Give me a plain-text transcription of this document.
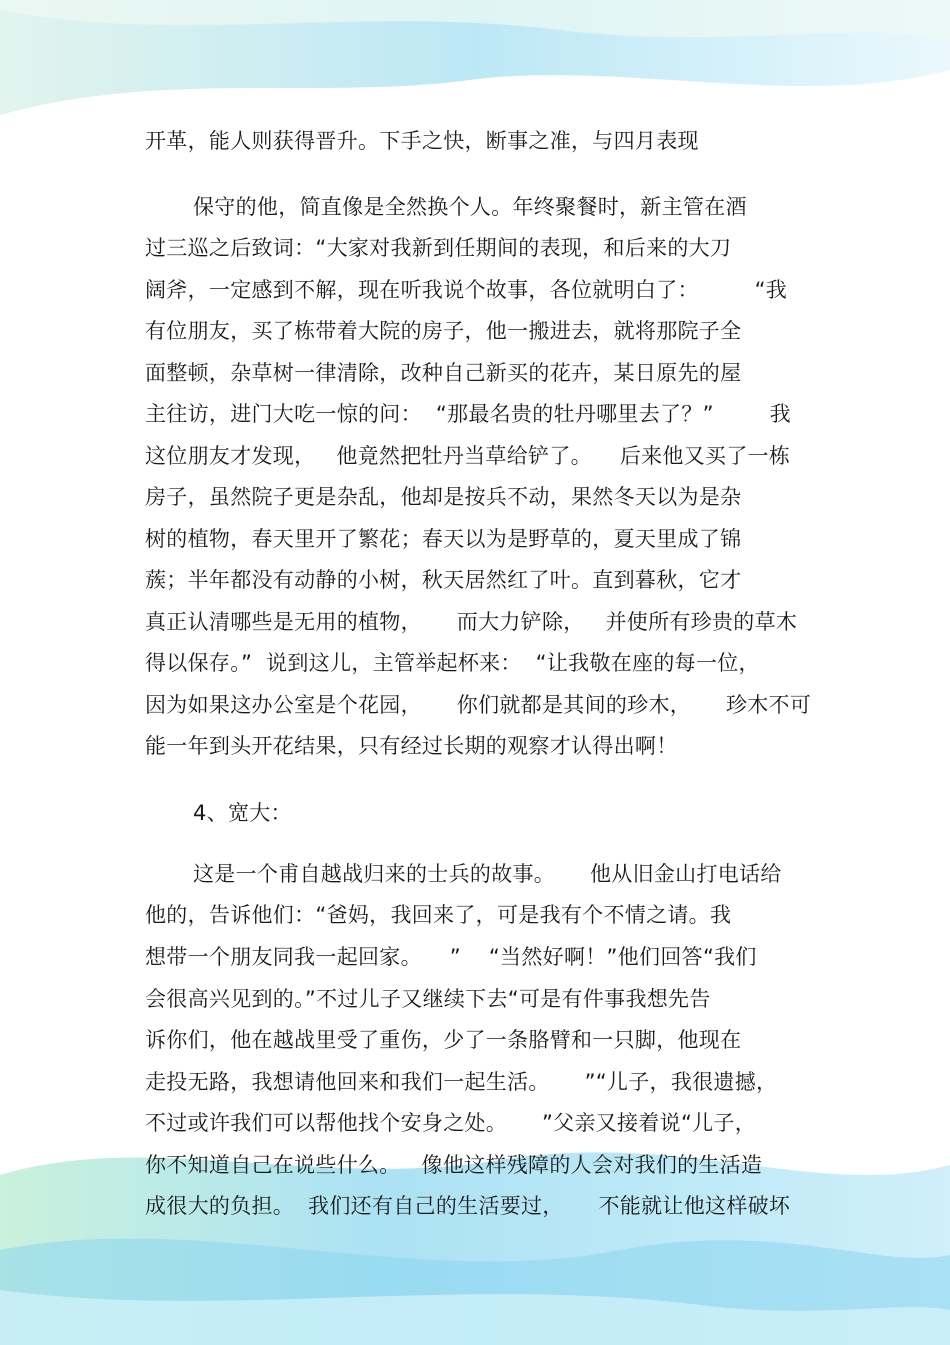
开革，能人则获得晋升。下手之快，断事之准，与四月表现
保守的他，简直像是全然换个人。年终聚餐时，新主管在酒
过三巡之后致词：“大家对我新到任期间的表现，和后来的大刀
阔斧，一定感到不解，现在听我说个故事，各位就明白了：        “我
有位朋友，买了栋带着大院的房子，他一搬进去，就将那院子全
面整顿，杂草树一律清除，改种自己新买的花卉，某日原先的屋
主往访，进门大吃一惊的问：  “那最名贵的牡丹哪里去了？”        我
这位朋友才发现，   他竟然把牡丹当草给铲了。    后来他又买了一栋
房子，虽然院子更是杂乱，他却是按兵不动，果然冬天以为是杂
树的植物，春天里开了繁花；春天以为是野草的，夏天里成了锦
蔟；半年都没有动静的小树，秋天居然红了叶。直到暮秋，它才
真正认清哪些是无用的植物，     而大力铲除，   并使所有珍贵的草木
得以保存。”  说到这儿，主管举起杯来：  “让我敬在座的每一位，
因为如果这办公室是个花园，     你们就都是其间的珍木，     珍木不可
能一年到头开花结果，只有经过长期的观察才认得出啊！
4、宽大：
这是一个甫自越战归来的士兵的故事。     他从旧金山打电话给
他的，告诉他们：“爸妈，我回来了，可是我有个不情之请。我
想带一个朋友同我一起回家。    ”    “当然好啊！”他们回答“我们
会很高兴见到的。”不过儿子又继续下去“可是有件事我想先告
诉你们，他在越战里受了重伤，少了一条胳臂和一只脚，他现在
走投无路，我想请他回来和我们一起生活。     ”“儿子，我很遗撼，
不过或许我们可以帮他找个安身之处。     ”父亲又接着说“儿子，
你不知道自己在说些什么。   像他这样残障的人会对我们的生活造
成很大的负担。  我们还有自己的生活要过，     不能就让他这样破坏
